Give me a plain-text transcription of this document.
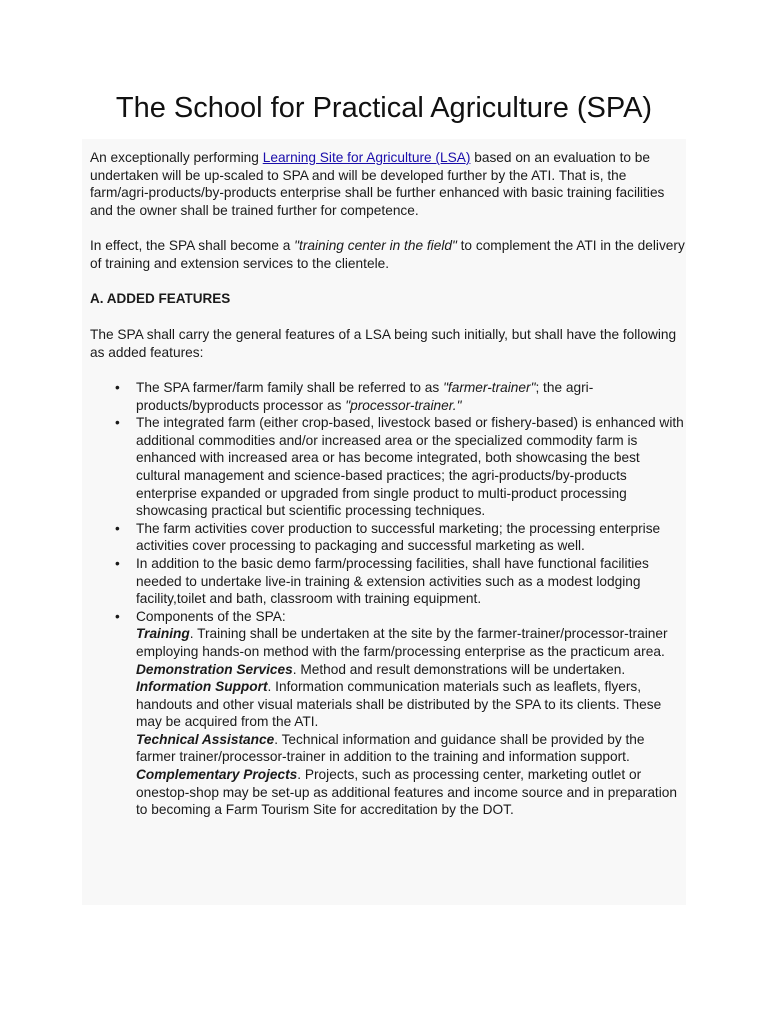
The School for Practical Agriculture (SPA)

An exceptionally performing Learning Site for Agriculture (LSA) based on an evaluation to be undertaken will be up-scaled to SPA and will be developed further by the ATI. That is, the farm/agri-products/by-products enterprise shall be further enhanced with basic training facilities and the owner shall be trained further for competence.

In effect, the SPA shall become a "training center in the field" to complement the ATI in the delivery of training and extension services to the clientele.

A. ADDED FEATURES

The SPA shall carry the general features of a LSA being such initially, but shall have the following as added features:

• The SPA farmer/farm family shall be referred to as "farmer-trainer"; the agri-products/byproducts processor as "processor-trainer."
• The integrated farm (either crop-based, livestock based or fishery-based) is enhanced with additional commodities and/or increased area or the specialized commodity farm is enhanced with increased area or has become integrated, both showcasing the best cultural management and science-based practices; the agri-products/by-products enterprise expanded or upgraded from single product to multi-product processing showcasing practical but scientific processing techniques.
• The farm activities cover production to successful marketing; the processing enterprise activities cover processing to packaging and successful marketing as well.
• In addition to the basic demo farm/processing facilities, shall have functional facilities needed to undertake live-in training & extension activities such as a modest lodging facility,toilet and bath, classroom with training equipment.
• Components of the SPA:
Training. Training shall be undertaken at the site by the farmer-trainer/processor-trainer employing hands-on method with the farm/processing enterprise as the practicum area.
Demonstration Services. Method and result demonstrations will be undertaken.
Information Support. Information communication materials such as leaflets, flyers, handouts and other visual materials shall be distributed by the SPA to its clients. These may be acquired from the ATI.
Technical Assistance. Technical information and guidance shall be provided by the farmer trainer/processor-trainer in addition to the training and information support.
Complementary Projects. Projects, such as processing center, marketing outlet or onestop-shop may be set-up as additional features and income source and in preparation to becoming a Farm Tourism Site for accreditation by the DOT.
